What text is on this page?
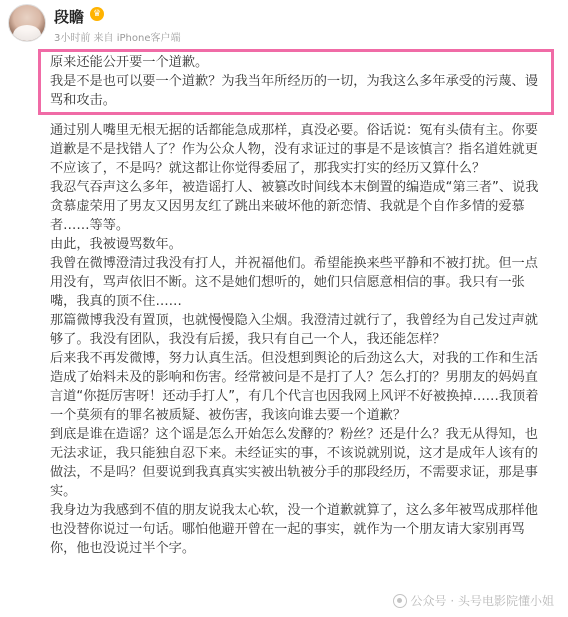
段瞻 ♛
3小时前 来自 iPhone客户端

原来还能公开要一个道歉。

我是不是也可以要一个道歉？为我当年所经历的一切，为我这么多年承受的污蔑、谩骂和攻击。

通过别人嘴里无根无据的话都能急成那样，真没必要。俗话说：冤有头债有主。你要道歉是不是找错人了？作为公众人物，没有求证过的事是不是该慎言？指名道姓就更不应该了，不是吗？就这都让你觉得委屈了，那我实打实的经历又算什么？

我忍气吞声这么多年，被造谣打人、被篡改时间线本末倒置的编造成“第三者”、说我贪慕虚荣用了男友又因男友红了跳出来破坏他的新恋情、我就是个自作多情的爱慕者……等等。

由此，我被谩骂数年。

我曾在微博澄清过我没有打人，并祝福他们。希望能换来些平静和不被打扰。但一点用没有，骂声依旧不断。这不是她们想听的，她们只信愿意相信的事。我只有一张嘴，我真的顶不住……

那篇微博我没有置顶，也就慢慢隐入尘烟。我澄清过就行了，我曾经为自己发过声就够了。我没有团队，我没有后援，我只有自己一个人，我还能怎样？

后来我不再发微博，努力认真生活。但没想到舆论的后劲这么大，对我的工作和生活造成了始料未及的影响和伤害。经常被问是不是打了人？怎么打的？男朋友的妈妈直言道“你挺厉害呀！还动手打人”，有几个代言也因我网上风评不好被换掉……我顶着一个莫须有的罪名被质疑、被伤害，我该向谁去要一个道歉？

到底是谁在造谣？这个谣是怎么开始怎么发酵的？粉丝？还是什么？我无从得知，也无法求证，我只能独自忍下来。未经证实的事，不该说就别说，这才是成年人该有的做法，不是吗？但要说到我真真实实被出轨被分手的那段经历，不需要求证，那是事实。

我身边为我感到不值的朋友说我太心软，没一个道歉就算了，这么多年被骂成那样他也没替你说过一句话。哪怕他避开曾在一起的事实，就作为一个朋友请大家别再骂你，他也没说过半个字。

公众号 · 头号电影院懂小姐
